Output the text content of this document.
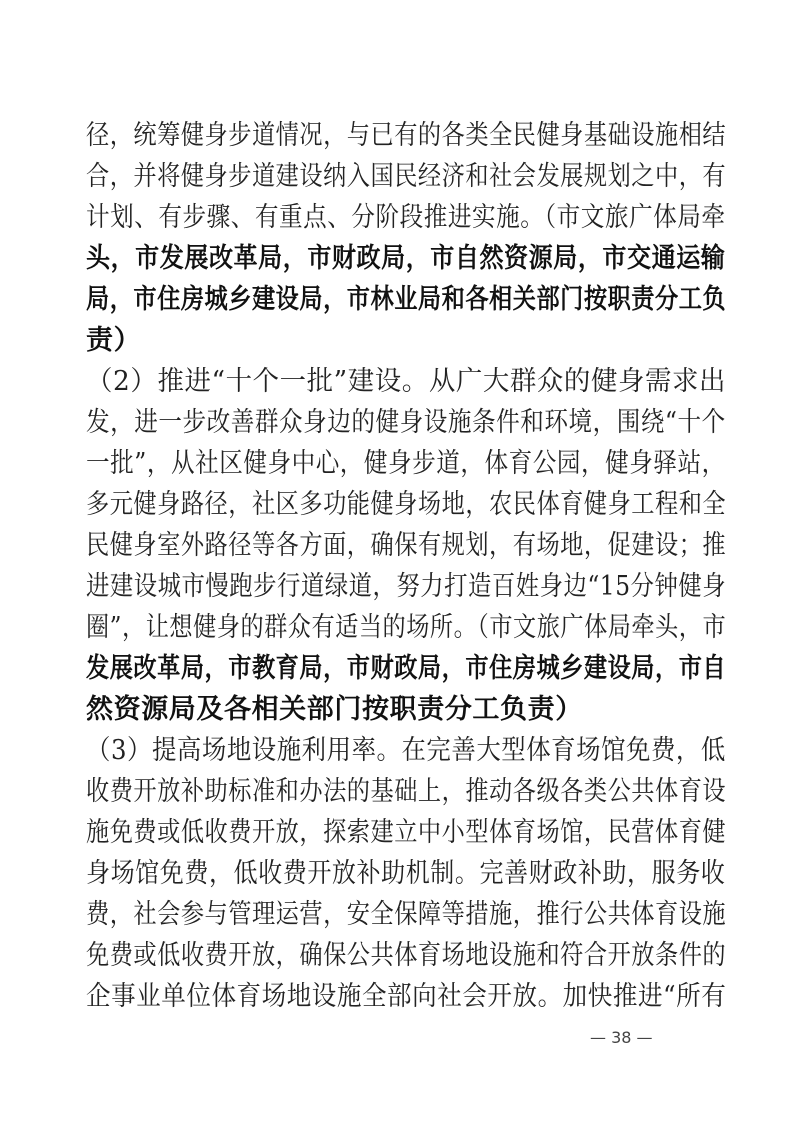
径，统筹健身步道情况，与已有的各类全民健身基础设施相结
合，并将健身步道建设纳入国民经济和社会发展规划之中，有
计划、有步骤、有重点、分阶段推进实施。（市文旅广体局牵
头，市发展改革局，市财政局，市自然资源局，市交通运输
局，市住房城乡建设局，市林业局和各相关部门按职责分工负
责）
（2）推进“十个一批”建设。从广大群众的健身需求出
发，进一步改善群众身边的健身设施条件和环境，围绕“十个
一批”，从社区健身中心，健身步道，体育公园，健身驿站，
多元健身路径，社区多功能健身场地，农民体育健身工程和全
民健身室外路径等各方面，确保有规划，有场地，促建设；推
进建设城市慢跑步行道绿道，努力打造百姓身边“15分钟健身
圈”，让想健身的群众有适当的场所。（市文旅广体局牵头，市
发展改革局，市教育局，市财政局，市住房城乡建设局，市自
然资源局及各相关部门按职责分工负责）
（3）提高场地设施利用率。在完善大型体育场馆免费，低
收费开放补助标准和办法的基础上，推动各级各类公共体育设
施免费或低收费开放，探索建立中小型体育场馆，民营体育健
身场馆免费，低收费开放补助机制。完善财政补助，服务收
费，社会参与管理运营，安全保障等措施，推行公共体育设施
免费或低收费开放，确保公共体育场地设施和符合开放条件的
企事业单位体育场地设施全部向社会开放。加快推进“所有
— 38 —
